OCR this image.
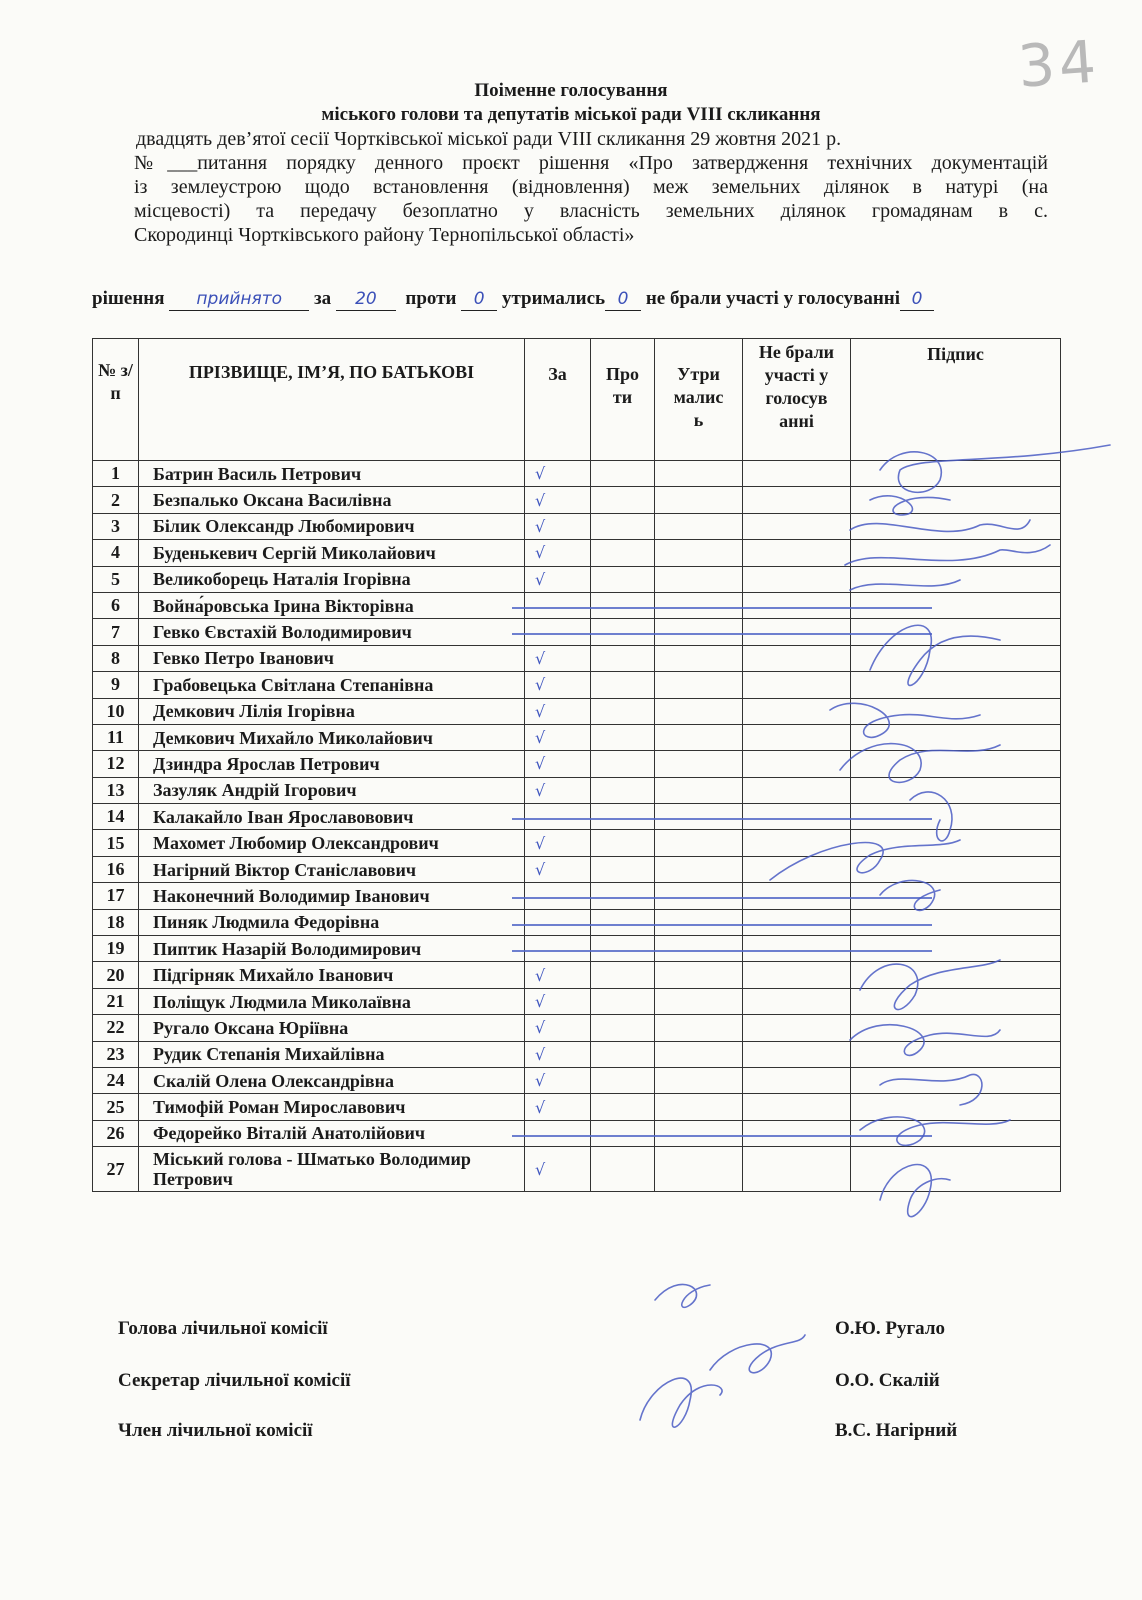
34
Поіменне голосування
міського голови та депутатів міської ради VIII скликання
двадцять дев’ятої сесії Чортківської міської ради VIII скликання 29 жовтня 2021 р.
№___питання порядку денного проєкт рішення «Про затвердження технічних документацій
із землеустрою щодо встановлення (відновлення) меж земельних ділянок в натурі (на
місцевості) та передачу безоплатно у власність земельних ділянок громадянам в с.
Скородинці Чортківського району Тернопільської області»
рішення прийнято за 20 проти 0 утримались 0 не брали участі у голосуванні 0
№ з/п	ПРІЗВИЩЕ, ІМ’Я, ПО БАТЬКОВІ	За	Про ти	Утри малис ь	Не брали участі у голосув анні	Підпис
1	Батрин Василь Петрович	√				
2	Безпалько Оксана Василівна	√				
3	Білик Олександр Любомирович	√				
4	Буденькевич Сергій Миколайович	√				
5	Великоборець Наталія Ігорівна	√				
6	Война́ровська Ірина Вікторівна					
7	Гевко Євстахій Володимирович					
8	Гевко Петро Іванович	√				
9	Грабовецька Світлана Степанівна	√				
10	Демкович Лілія Ігорівна	√				
11	Демкович Михайло Миколайович	√				
12	Дзиндра Ярослав Петрович	√				
13	Зазуляк Андрій Ігорович	√				
14	Калакайло Іван Ярославовович					
15	Махомет Любомир Олександрович	√				
16	Нагірний Віктор Станіславович	√				
17	Наконечний Володимир Іванович					
18	Пиняк Людмила Федорівна					
19	Пиптик Назарій Володимирович					
20	Підгірняк Михайло Іванович	√				
21	Поліщук Людмила Миколаївна	√				
22	Ругало Оксана Юріївна	√				
23	Рудик Степанія Михайлівна	√				
24	Скалій Олена Олександрівна	√				
25	Тимофій Роман Мирославович	√				
26	Федорейко Віталій Анатолійович					
27	Міський голова - Шматько Володимир Петрович	√				
Голова лічильної комісії	О.Ю. Ругало
Секретар лічильної комісії	О.О. Скалій
Член лічильної комісії	В.С. Нагірний
